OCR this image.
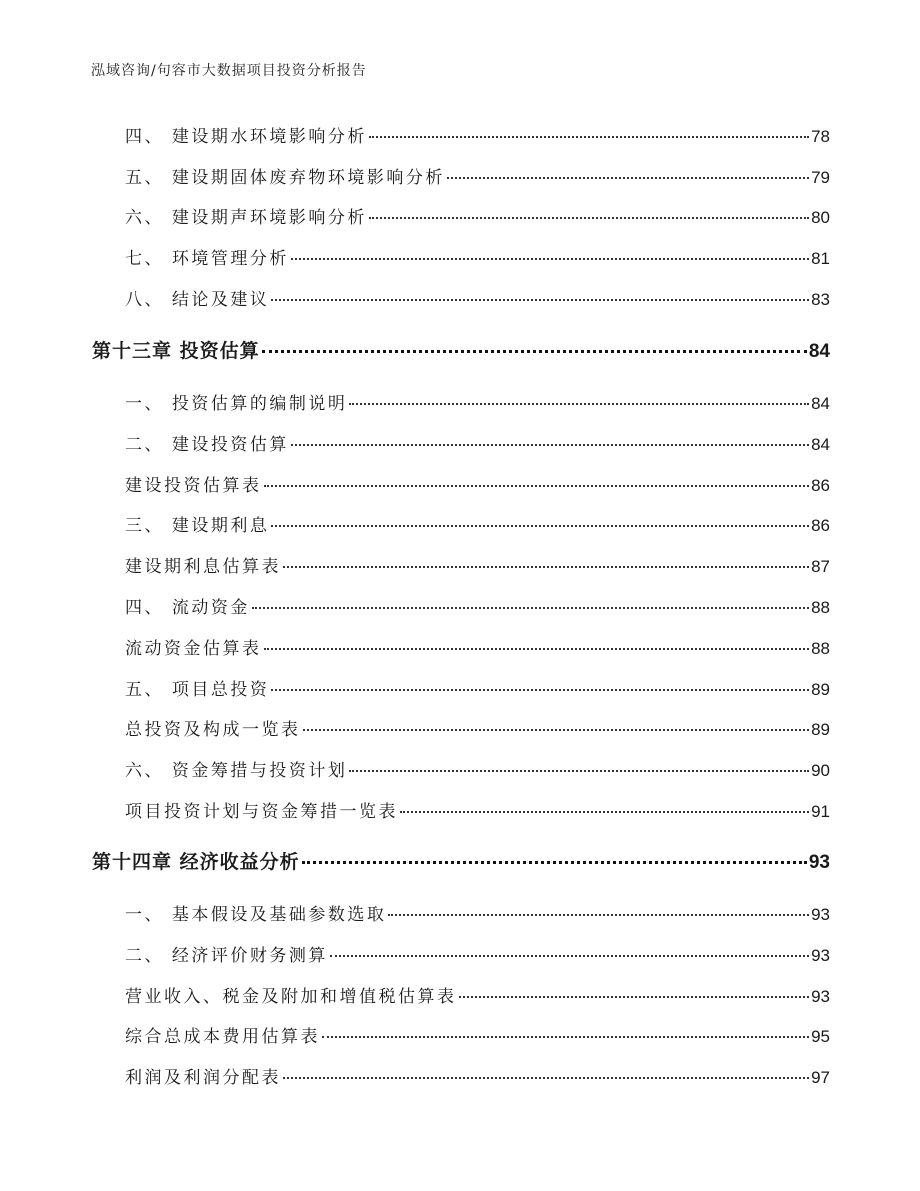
泓域咨询/句容市大数据项目投资分析报告
四、 建设期水环境影响分析	78
五、 建设期固体废弃物环境影响分析	79
六、 建设期声环境影响分析	80
七、 环境管理分析	81
八、 结论及建议	83
第十三章 投资估算	84
一、 投资估算的编制说明	84
二、 建设投资估算	84
建设投资估算表	86
三、 建设期利息	86
建设期利息估算表	87
四、 流动资金	88
流动资金估算表	88
五、 项目总投资	89
总投资及构成一览表	89
六、 资金筹措与投资计划	90
项目投资计划与资金筹措一览表	91
第十四章 经济收益分析	93
一、 基本假设及基础参数选取	93
二、 经济评价财务测算	93
营业收入、税金及附加和增值税估算表	93
综合总成本费用估算表	95
利润及利润分配表	97
